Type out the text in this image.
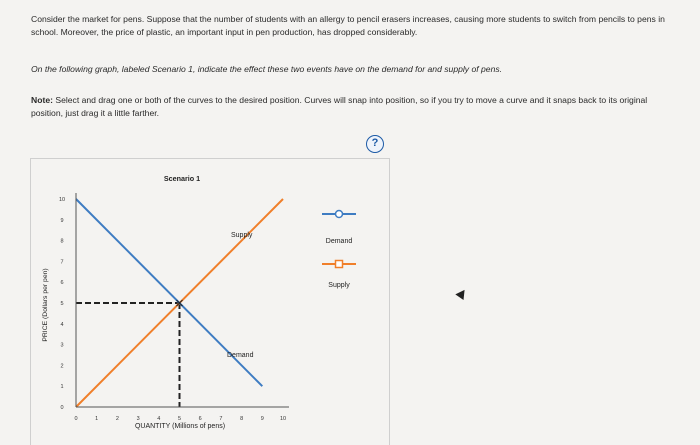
Consider the market for pens. Suppose that the number of students with an allergy to pencil erasers increases, causing more students to switch from pencils to pens in school. Moreover, the price of plastic, an important input in pen production, has dropped considerably.

On the following graph, labeled Scenario 1, indicate the effect these two events have on the demand for and supply of pens.

Note: Select and drag one or both of the curves to the desired position. Curves will snap into position, so if you try to move a curve and it snaps back to its original position, just drag it a little farther.

?
Scenario 1
QUANTITY (Millions of pens)
PRICE (Dollars per pen)
Demand
Supply
0	1	2	3	4	5	6	7	8	9	10
0
1
2
3
4
5
6
7
8
9
10
Supply
Demand
